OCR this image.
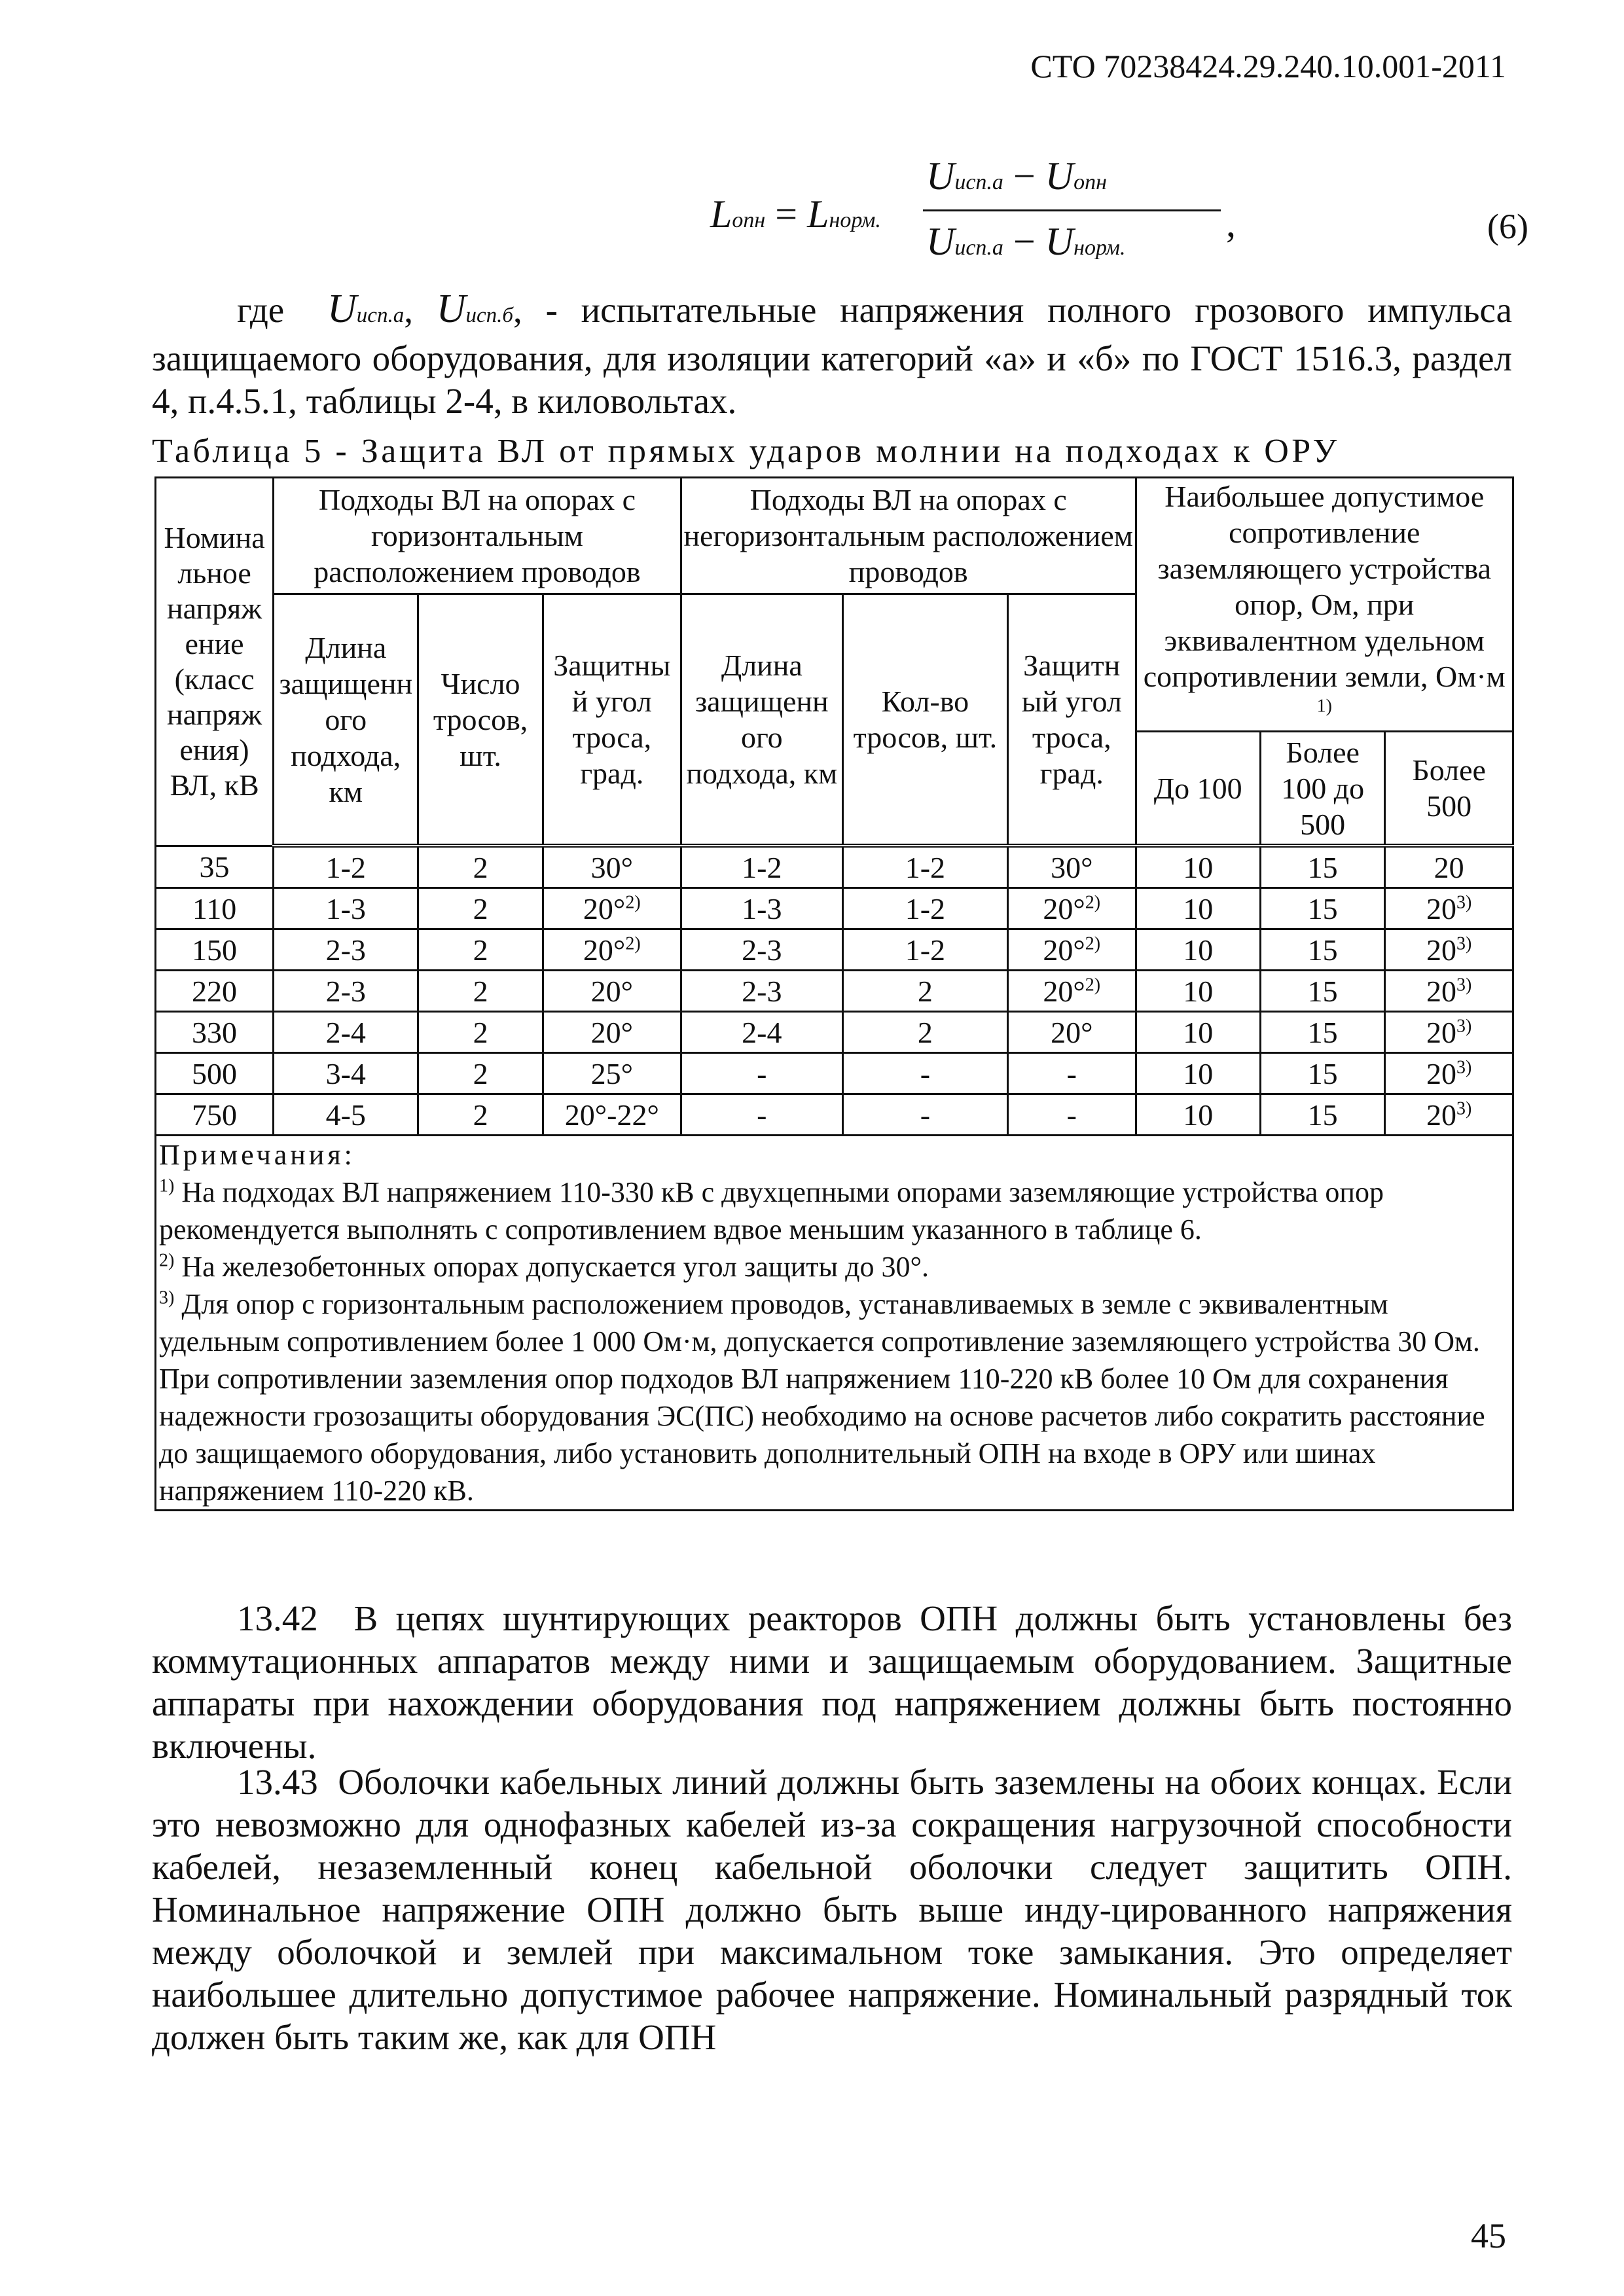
СТО 70238424.29.240.10.001-2011
Lопн = Lнорм.
Uисп.а − Uопн
Uисп.а − Uнорм.
,	(6)
где Uисп.а, Uисп.б, - испытательные напряжения полного грозового импульса защищаемого оборудования, для изоляции категорий «а» и «б» по ГОСТ 1516.3, раздел 4, п.4.5.1, таблицы 2-4, в киловольтах.
Таблица 5 - Защита ВЛ от прямых ударов молнии на подходах к ОРУ
Номина льное напряж ение (класс напряж ения) ВЛ, кВ	Подходы ВЛ на опорах с горизонтальным расположением проводов			Подходы ВЛ на опорах с негоризонтальным расположением проводов			Наибольшее допустимое сопротивление заземляющего устройства опор, Ом, при эквивалентном удельном сопротивлении земли, Ом·м $^{1)}$
	Длина защищенн ого подхода, км	Число тросов, шт.	Защитны й угол троса, град.	Длина защищенн ого подхода, км	Кол-во тросов, шт.	Защитн ый угол троса, град.			
							До 100	Более 100 до 500	Более 500
35	1-2	2	30°	1-2	1-2	30°	10	15	20
110	1-3	2	20°$^{2)}$	1-3	1-2	20°$^{2)}$	10	15	20$^{3)}$
150	2-3	2	20°$^{2)}$	2-3	1-2	20°$^{2)}$	10	15	20$^{3)}$
220	2-3	2	20°	2-3	2	20°$^{2)}$	10	15	20$^{3)}$
330	2-4	2	20°	2-4	2	20°	10	15	20$^{3)}$
500	3-4	2	25°	-	-	-	10	15	20$^{3)}$
750	4-5	2	20°-22°	-	-	-	10	15	20$^{3)}$

Примечания:
$^{1)}$ На подходах ВЛ напряжением 110-330 кВ с двухцепными опорами заземляющие устройства опор рекомендуется выполнять с сопротивлением вдвое меньшим указанного в таблице 6.
$^{2)}$ На железобетонных опорах допускается угол защиты до 30°.
$^{3)}$ Для опор с горизонтальным расположением проводов, устанавливаемых в земле с эквивалентным удельным сопротивлением более 1 000 Ом·м, допускается сопротивление заземляющего устройства 30 Ом.
При сопротивлении заземления опор подходов ВЛ напряжением 110-220 кВ более 10 Ом для сохранения надежности грозозащиты оборудования ЭС(ПС) необходимо на основе расчетов либо сократить расстояние до защищаемого оборудования, либо установить дополнительный ОПН на входе в ОРУ или шинах напряжением 110-220 кВ.									
13.42 В цепях шунтирующих реакторов ОПН должны быть установлены без коммутационных аппаратов между ними и защищаемым оборудованием. Защитные аппараты при нахождении оборудования под напряжением должны быть постоянно включены.
13.43 Оболочки кабельных линий должны быть заземлены на обоих концах. Если это невозможно для однофазных кабелей из-за сокращения нагрузочной способности кабелей, незаземленный конец кабельной оболочки следует защитить ОПН. Номинальное напряжение ОПН должно быть выше инду-цированного напряжения между оболочкой и землей при максимальном токе замыкания. Это определяет наибольшее длительно допустимое рабочее напряжение. Номинальный разрядный ток должен быть таким же, как для ОПН
45
